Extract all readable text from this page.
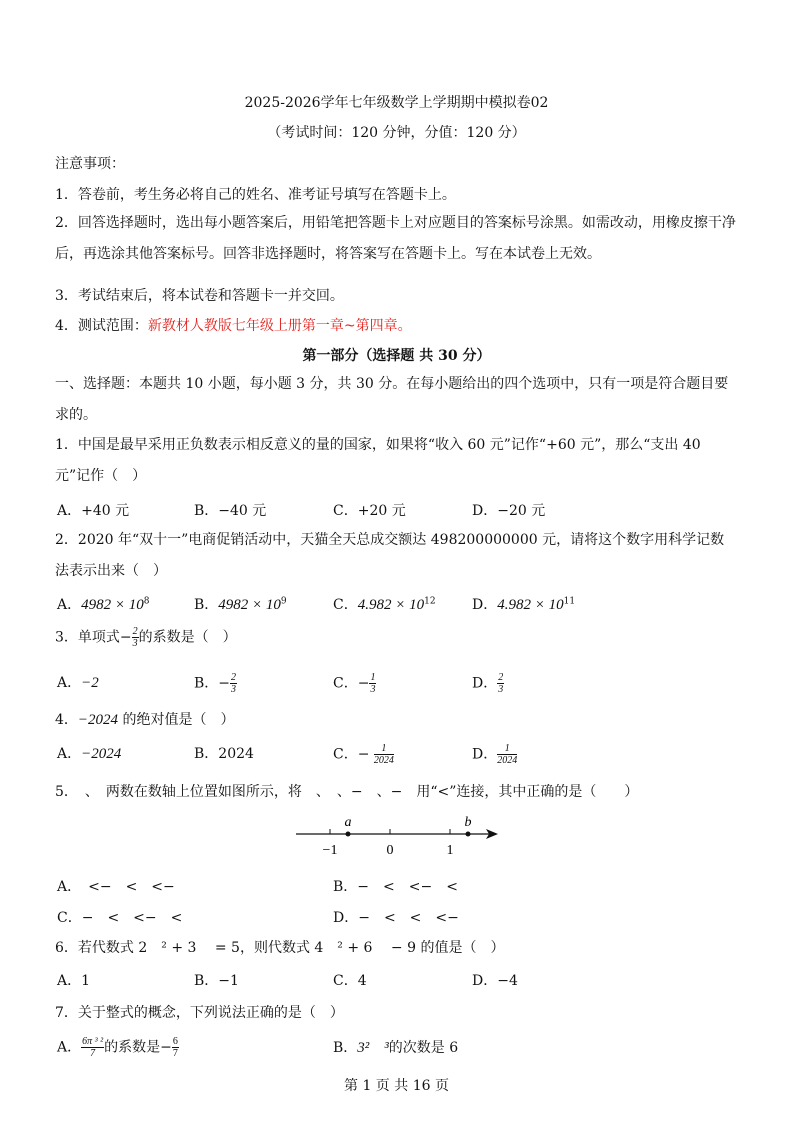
2025-2026学年七年级数学上学期期中模拟卷02
（考试时间：120 分钟，分值：120 分）
注意事项：
1．答卷前，考生务必将自己的姓名、准考证号填写在答题卡上。
2．回答选择题时，选出每小题答案后，用铅笔把答题卡上对应题目的答案标号涂黑。如需改动，用橡皮擦干净后，再选涂其他答案标号。回答非选择题时，将答案写在答题卡上。写在本试卷上无效。
3．考试结束后，将本试卷和答题卡一并交回。
4．测试范围：新教材人教版七年级上册第一章~第四章。
第一部分（选择题 共 30 分）
一、选择题：本题共 10 小题，每小题 3 分，共 30 分。在每小题给出的四个选项中，只有一项是符合题目要求的。
1．中国是最早采用正负数表示相反意义的量的国家，如果将“收入 60 元”记作“+60 元”，那么“支出 40 元”记作（　）
A．+40 元	B．−40 元	C．+20 元	D．−20 元
2．2020 年“双十一”电商促销活动中，天猫全天总成交额达 498200000000 元，请将这个数字用科学记数法表示出来（　）
A．$4982 \times 10^8$	B．$4982 \times 10^9$	C．$4.982 \times 10^{12}$	D．$4.982 \times 10^{11}$
3．单项式− $\frac{2}{3}$ 的系数是（　）
A．−2	B．− $\frac{2}{3}$	C．− $\frac{1}{3}$	D． $\frac{2}{3}$
4．−2024 的绝对值是（　）
A．−2024	B．2024	C．− $\frac{1}{2024}$	D． $\frac{1}{2024}$
5．　、　两数在数轴上位置如图所示，将　、　、−　、−　用“<”连接，其中正确的是（　　）
−1	0	1
a	b
A．　<−　<　<−	B．−　<　<−　<
C．−　<　<−　<	D．−　<　<　<−
6．若代数式 2　² + 3　 = 5，则代数式 4　² + 6　 − 9 的值是（　）
A．1	B．−1	C．4	D．−4
7．关于整式的概念，下列说法正确的是（　）
A． $\frac{\text{6π ³ ²}}{7}$ 的系数是− $\frac{6}{7}$	B．3²　³的次数是 6
第 1 页 共 16 页
